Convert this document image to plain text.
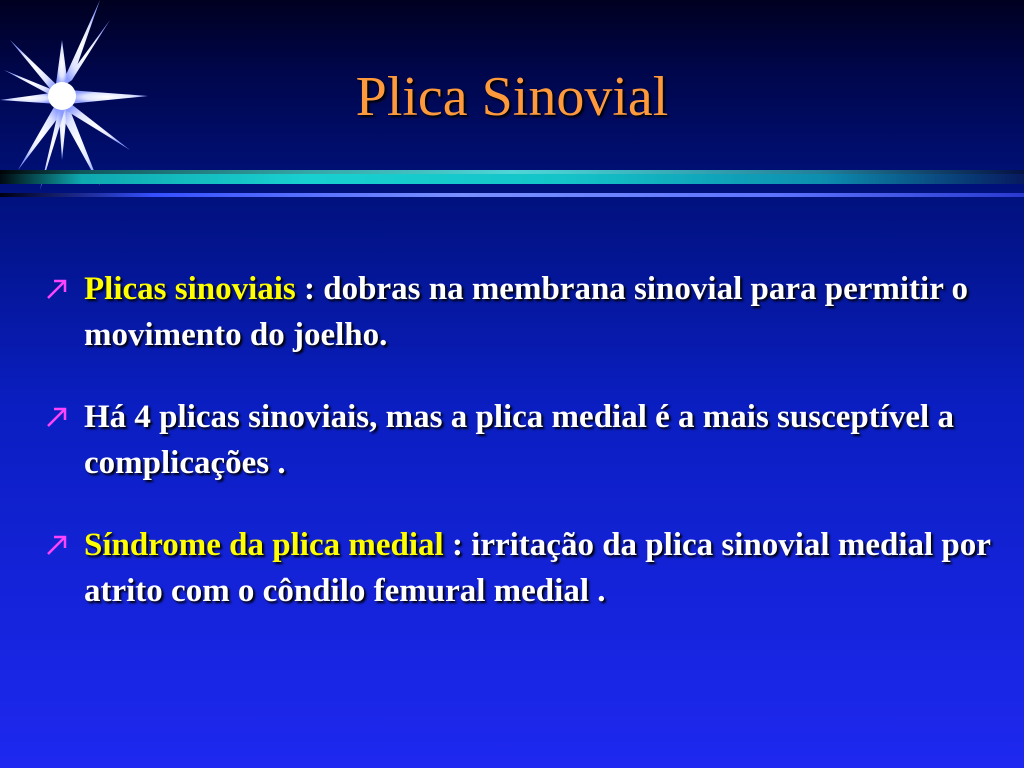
Plica Sinovial
Plicas sinoviais : dobras na membrana sinovial para permitir o movimento do joelho.
Há 4 plicas sinoviais, mas a plica medial é a mais susceptível a complicações .
Síndrome da plica medial : irritação da plica sinovial medial por atrito com o côndilo femural medial .
